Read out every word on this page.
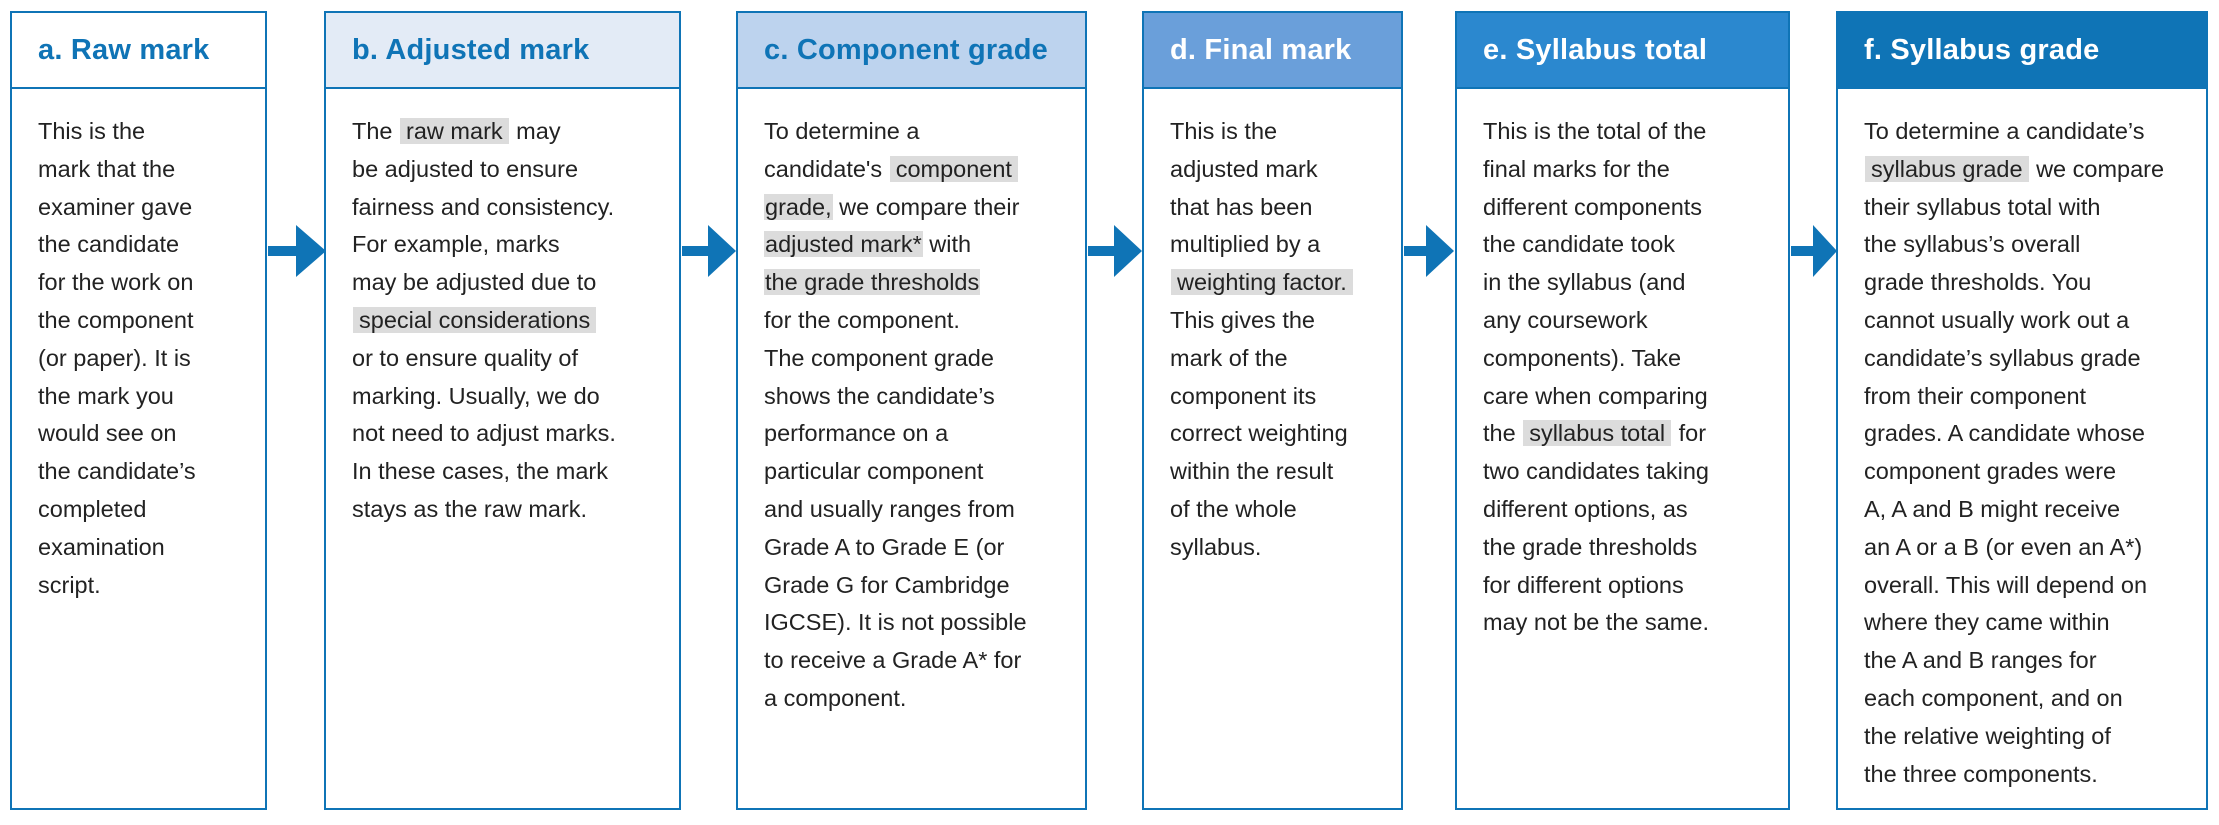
a. Raw mark
This is the
mark that the
examiner gave
the candidate
for the work on
the component
(or paper). It is
the mark you
would see on
the candidate’s
completed
examination
script.
b. Adjusted mark
The raw mark may
be adjusted to ensure
fairness and consistency.
For example, marks
may be adjusted due to
special considerations
or to ensure quality of
marking. Usually, we do
not need to adjust marks.
In these cases, the mark
stays as the raw mark.
c. Component grade
To determine a
candidate's component
grade, we compare their
adjusted mark* with
the grade thresholds
for the component.
The component grade
shows the candidate’s
performance on a
particular component
and usually ranges from
Grade A to Grade E (or
Grade G for Cambridge
IGCSE). It is not possible
to receive a Grade A* for
a component.
d. Final mark
This is the
adjusted mark
that has been
multiplied by a
weighting factor.
This gives the
mark of the
component its
correct weighting
within the result
of the whole
syllabus.
e. Syllabus total
This is the total of the
final marks for the
different components
the candidate took
in the syllabus (and
any coursework
components). Take
care when comparing
the syllabus total for
two candidates taking
different options, as
the grade thresholds
for different options
may not be the same.
f. Syllabus grade
To determine a candidate’s
syllabus grade we compare
their syllabus total with
the syllabus’s overall
grade thresholds. You
cannot usually work out a
candidate’s syllabus grade
from their component
grades. A candidate whose
component grades were
A, A and B might receive
an A or a B (or even an A*)
overall. This will depend on
where they came within
the A and B ranges for
each component, and on
the relative weighting of
the three components.
